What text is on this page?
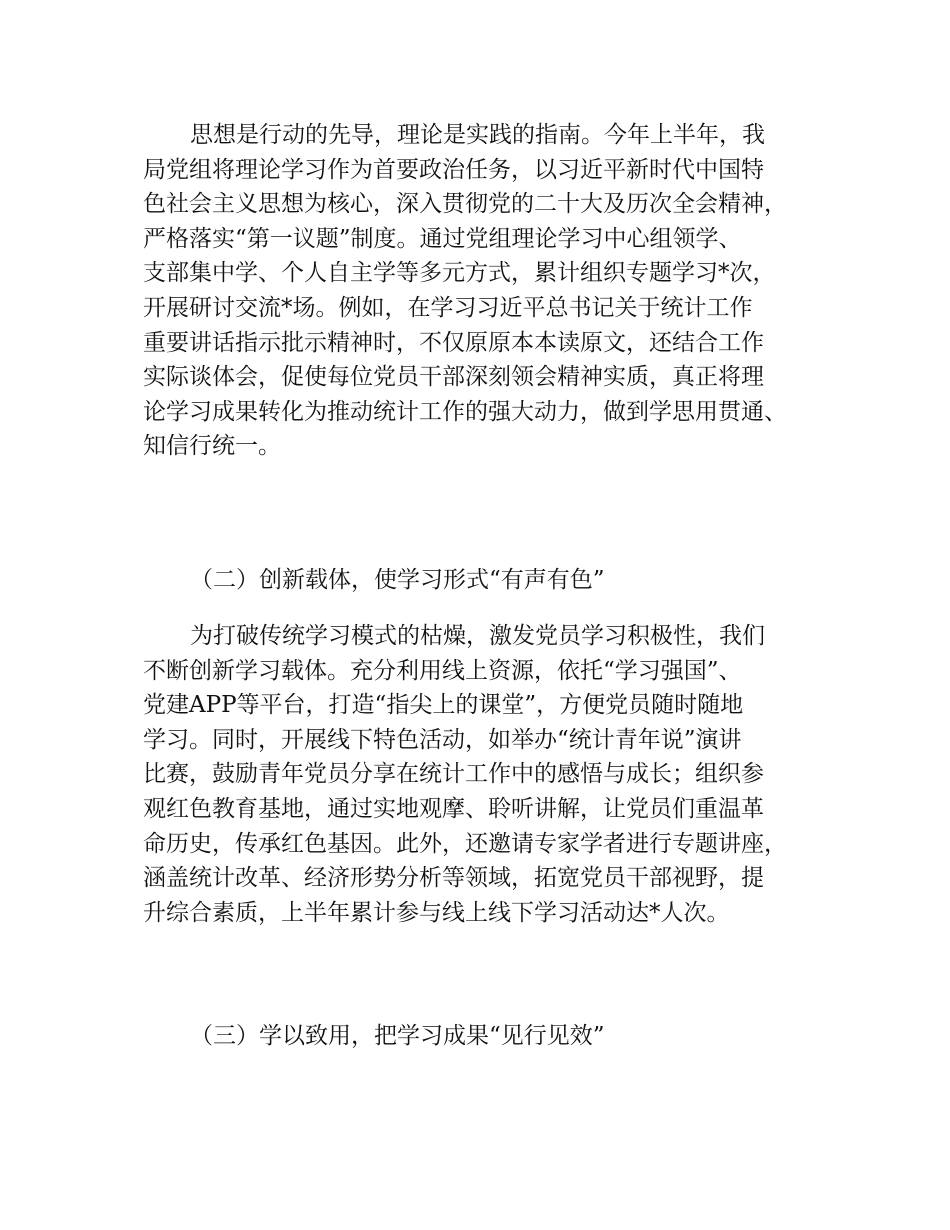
思想是行动的先导，理论是实践的指南。今年上半年，我
局党组将理论学习作为首要政治任务，以习近平新时代中国特
色社会主义思想为核心，深入贯彻党的二十大及历次全会精神，
严格落实“第一议题”制度。通过党组理论学习中心组领学、
支部集中学、个人自主学等多元方式，累计组织专题学习*次，
开展研讨交流*场。例如，在学习习近平总书记关于统计工作
重要讲话指示批示精神时，不仅原原本本读原文，还结合工作
实际谈体会，促使每位党员干部深刻领会精神实质，真正将理
论学习成果转化为推动统计工作的强大动力，做到学思用贯通、
知信行统一。
（二）创新载体，使学习形式“有声有色”
为打破传统学习模式的枯燥，激发党员学习积极性，我们
不断创新学习载体。充分利用线上资源，依托“学习强国”、
党建APP等平台，打造“指尖上的课堂”，方便党员随时随地
学习。同时，开展线下特色活动，如举办“统计青年说”演讲
比赛，鼓励青年党员分享在统计工作中的感悟与成长；组织参
观红色教育基地，通过实地观摩、聆听讲解，让党员们重温革
命历史，传承红色基因。此外，还邀请专家学者进行专题讲座，
涵盖统计改革、经济形势分析等领域，拓宽党员干部视野，提
升综合素质，上半年累计参与线上线下学习活动达*人次。
（三）学以致用，把学习成果“见行见效”
